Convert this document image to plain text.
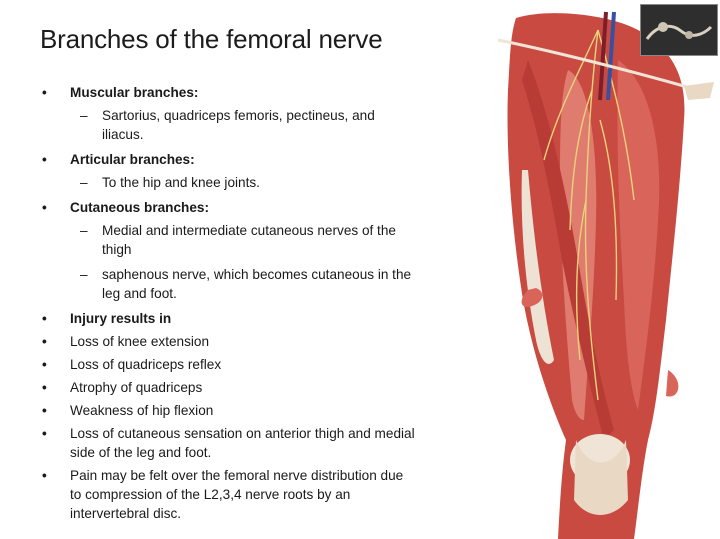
Branches of the femoral nerve
• Muscular branches:
– Sartorius, quadriceps femoris, pectineus, and iliacus.
• Articular branches:
– To the hip and knee joints.
• Cutaneous branches:
– Medial and intermediate cutaneous nerves of the thigh
– saphenous nerve, which becomes cutaneous in the leg and foot.
• Injury results in
• Loss of knee extension
• Loss of quadriceps reflex
• Atrophy of quadriceps
• Weakness of hip flexion
• Loss of cutaneous sensation on anterior thigh and medial side of the leg and foot.
• Pain may be felt over the femoral nerve distribution due to compression of the L2,3,4 nerve roots by an intervertebral disc.
